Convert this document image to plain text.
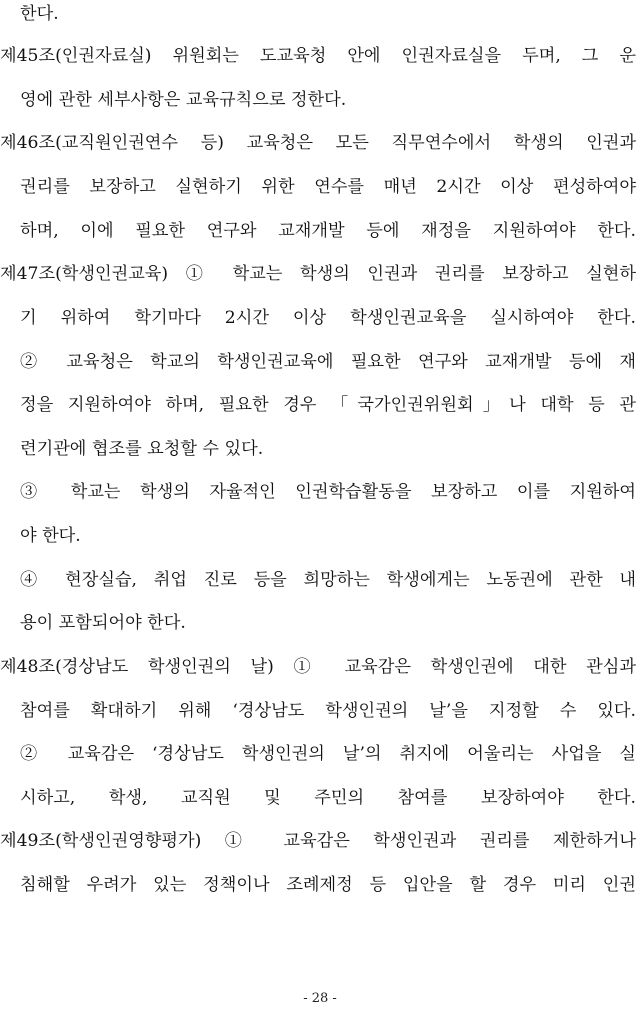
한다.
제45조(인권자료실) 위원회는 도교육청 안에 인권자료실을 두며, 그 운
영에 관한 세부사항은 교육규칙으로 정한다.
제46조(교직원인권연수 등) 교육청은 모든 직무연수에서 학생의 인권과
권리를 보장하고 실현하기 위한 연수를 매년 2시간 이상 편성하여야
하며, 이에 필요한 연구와 교재개발 등에 재정을 지원하여야 한다.
제47조(학생인권교육) ① 학교는 학생의 인권과 권리를 보장하고 실현하
기 위하여 학기마다 2시간 이상 학생인권교육을 실시하여야 한다.
② 교육청은 학교의 학생인권교육에 필요한 연구와 교재개발 등에 재
정을 지원하여야 하며, 필요한 경우 「국가인권위원회」나 대학 등 관
련기관에 협조를 요청할 수 있다.
③ 학교는 학생의 자율적인 인권학습활동을 보장하고 이를 지원하여
야 한다.
④ 현장실습, 취업 진로 등을 희망하는 학생에게는 노동권에 관한 내
용이 포함되어야 한다.
제48조(경상남도 학생인권의 날) ① 교육감은 학생인권에 대한 관심과
참여를 확대하기 위해 ‘경상남도 학생인권의 날’을 지정할 수 있다.
② 교육감은 ‘경상남도 학생인권의 날’의 취지에 어울리는 사업을 실
시하고, 학생, 교직원 및 주민의 참여를 보장하여야 한다.
제49조(학생인권영향평가) ① 교육감은 학생인권과 권리를 제한하거나
침해할 우려가 있는 정책이나 조례제정 등 입안을 할 경우 미리 인권
- 28 -
